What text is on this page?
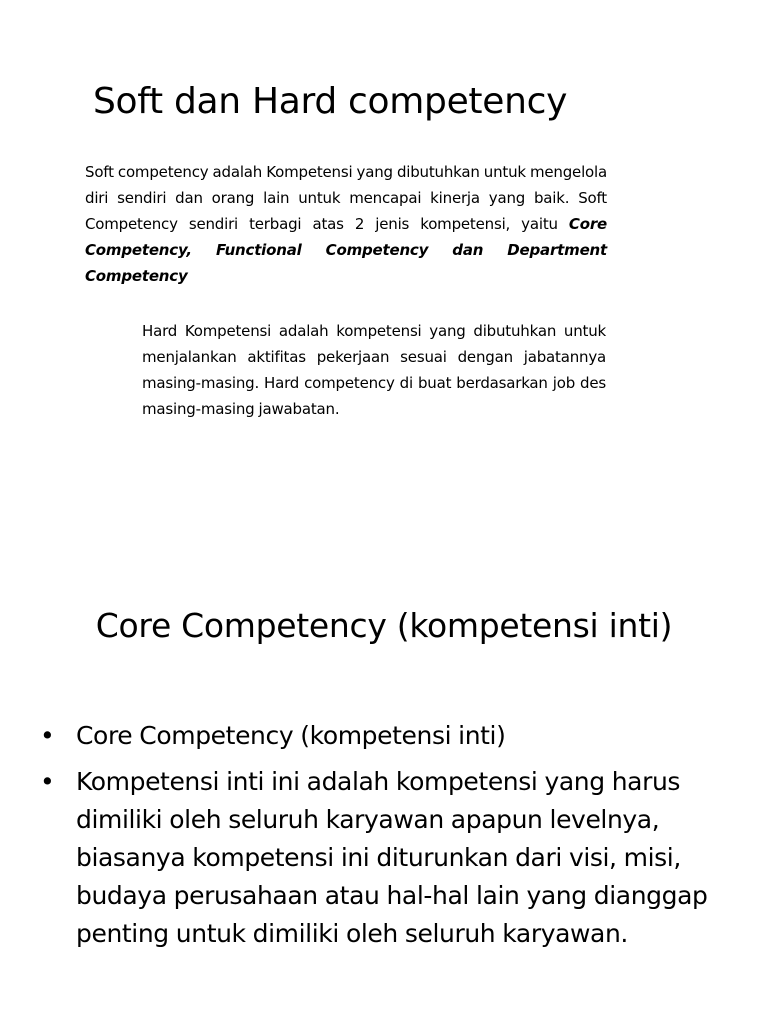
Soft dan Hard competency

Soft competency adalah Kompetensi yang dibutuhkan untuk mengelola diri sendiri dan orang lain untuk mencapai kinerja yang baik. Soft Competency sendiri terbagi atas 2 jenis kompetensi, yaitu Core Competency, Functional Competency dan Department Competency

Hard Kompetensi adalah kompetensi yang dibutuhkan untuk menjalankan aktifitas pekerjaan sesuai dengan jabatannya masing-masing. Hard competency di buat berdasarkan job des masing-masing jawabatan.

Core Competency (kompetensi inti)
• Core Competency (kompetensi inti)
• Kompetensi inti ini adalah kompetensi yang harus dimiliki oleh seluruh karyawan apapun levelnya, biasanya kompetensi ini diturunkan dari visi, misi, budaya perusahaan atau hal-hal lain yang dianggap penting untuk dimiliki oleh seluruh karyawan.
